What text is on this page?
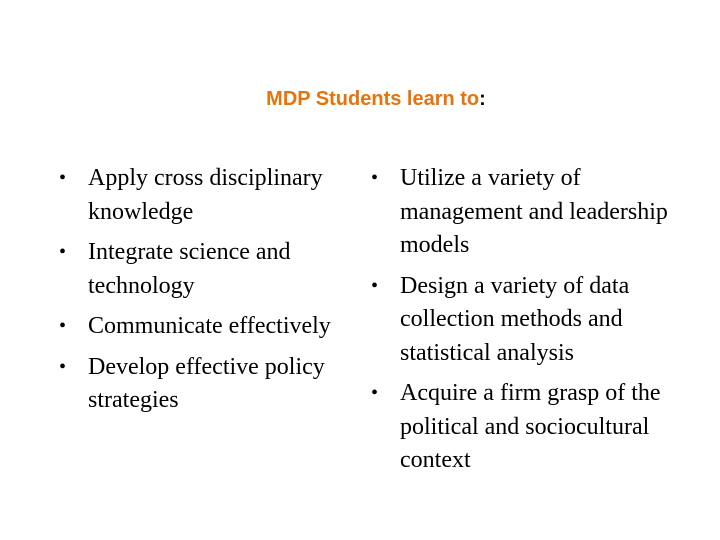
MDP Students learn to:
• Apply cross disciplinary knowledge
• Integrate science and technology
• Communicate effectively
• Develop effective policy strategies
• Utilize a variety of management and leadership models
• Design a variety of data collection methods and statistical analysis
• Acquire a firm grasp of the political and sociocultural context
